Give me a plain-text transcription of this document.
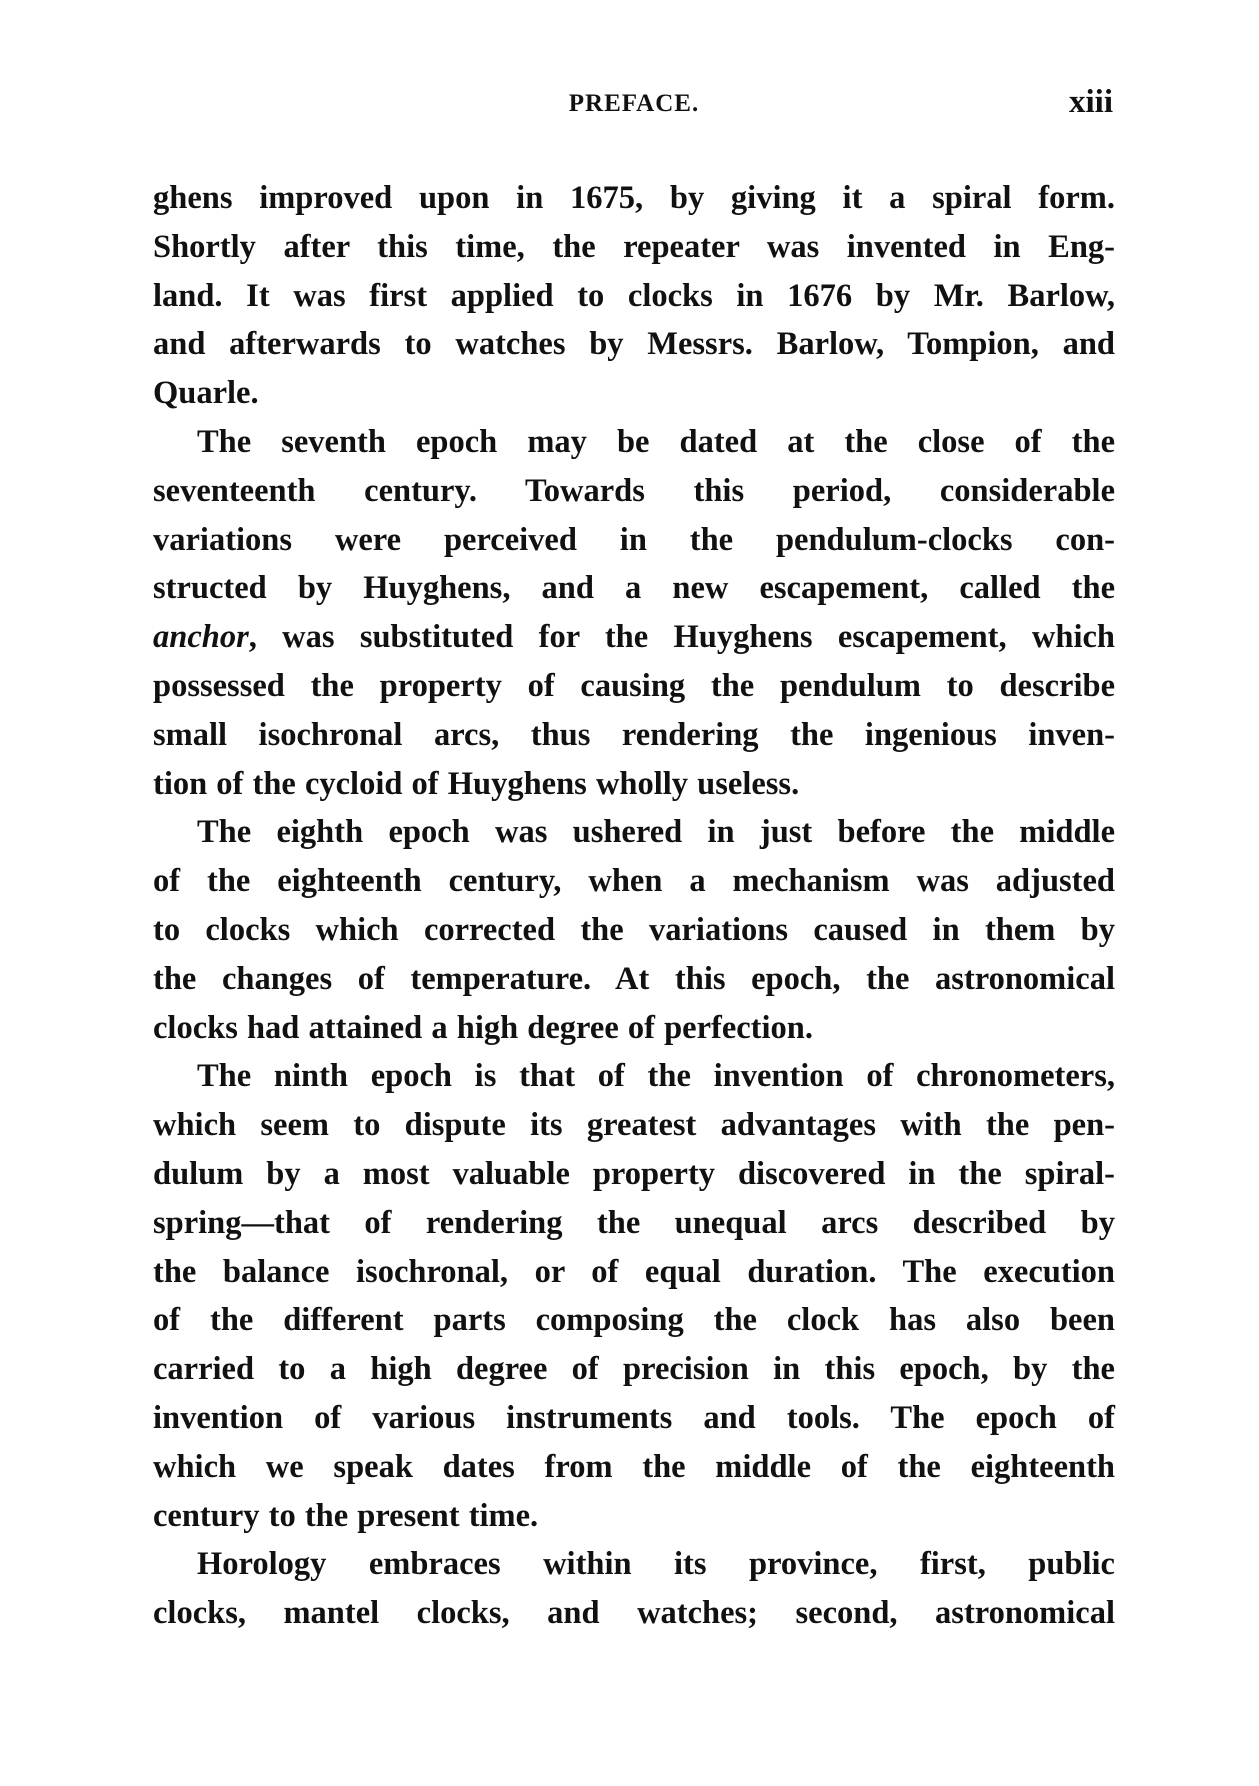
PREFACE.	xiii
ghens improved upon in 1675, by giving it a spiral form.
Shortly after this time, the repeater was invented in Eng-
land. It was first applied to clocks in 1676 by Mr. Barlow,
and afterwards to watches by Messrs. Barlow, Tompion, and
Quarle.
The seventh epoch may be dated at the close of the
seventeenth century. Towards this period, considerable
variations were perceived in the pendulum-clocks con-
structed by Huyghens, and a new escapement, called the
anchor, was substituted for the Huyghens escapement, which
possessed the property of causing the pendulum to describe
small isochronal arcs, thus rendering the ingenious inven-
tion of the cycloid of Huyghens wholly useless.
The eighth epoch was ushered in just before the middle
of the eighteenth century, when a mechanism was adjusted
to clocks which corrected the variations caused in them by
the changes of temperature. At this epoch, the astronomical
clocks had attained a high degree of perfection.
The ninth epoch is that of the invention of chronometers,
which seem to dispute its greatest advantages with the pen-
dulum by a most valuable property discovered in the spiral-
spring—that of rendering the unequal arcs described by
the balance isochronal, or of equal duration. The execution
of the different parts composing the clock has also been
carried to a high degree of precision in this epoch, by the
invention of various instruments and tools. The epoch of
which we speak dates from the middle of the eighteenth
century to the present time.
Horology embraces within its province, first, public
clocks, mantel clocks, and watches; second, astronomical
